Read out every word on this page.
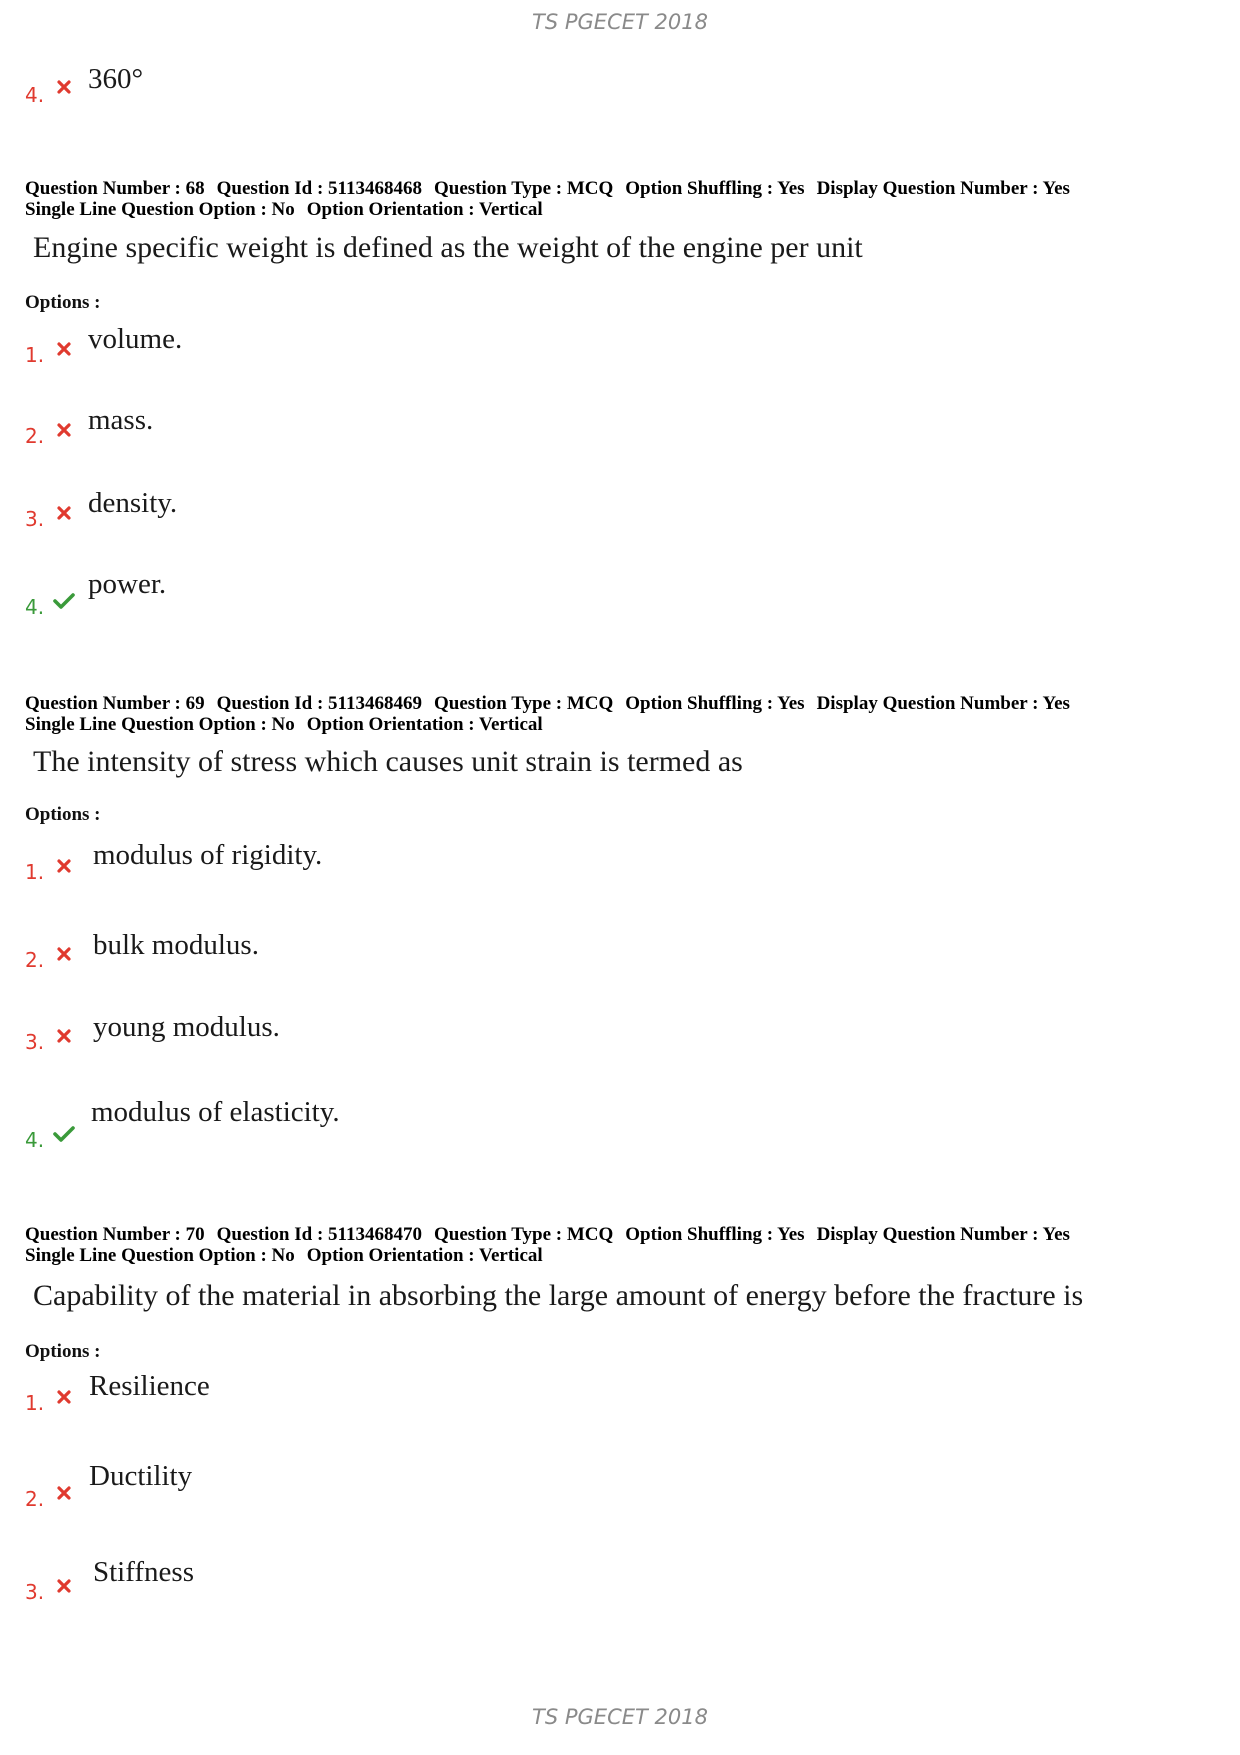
TS PGECET 2018
4. 360°
Question Number : 68 Question Id : 5113468468 Question Type : MCQ Option Shuffling : Yes Display Question Number : Yes
Single Line Question Option : No Option Orientation : Vertical
Engine specific weight is defined as the weight of the engine per unit
Options :
1. volume.
2. mass.
3. density.
4.
power.
Question Number : 69 Question Id : 5113468469 Question Type : MCQ Option Shuffling : Yes Display Question Number : Yes
Single Line Question Option : No Option Orientation : Vertical
The intensity of stress which causes unit strain is termed as
Options :
1.
modulus of rigidity.
2. bulk modulus.
3. young modulus.
4.
modulus of elasticity.
Question Number : 70 Question Id : 5113468470 Question Type : MCQ Option Shuffling : Yes Display Question Number : Yes
Single Line Question Option : No Option Orientation : Vertical
Capability of the material in absorbing the large amount of energy before the fracture is
Options :
1.
Resilience
2.
Ductility
3.
Stiffness
TS PGECET 2018
